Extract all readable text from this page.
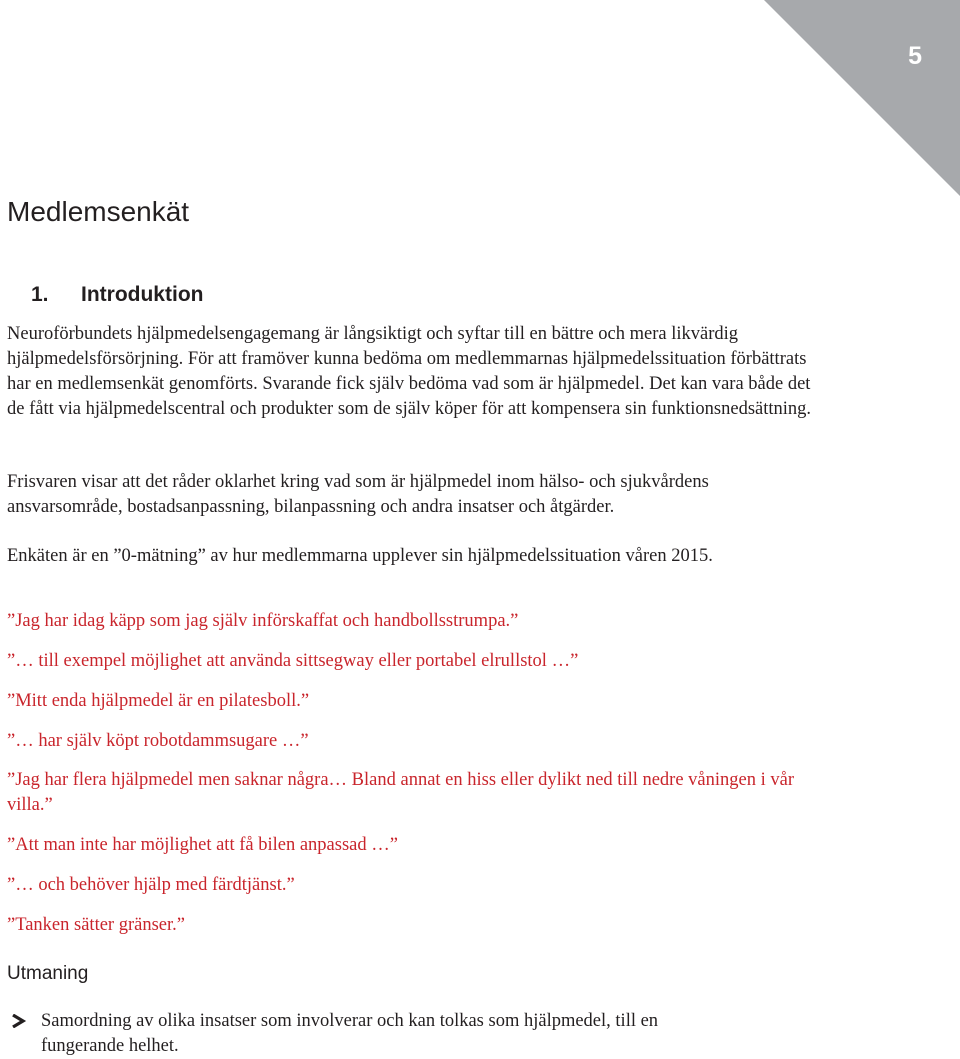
5
Medlemsenkät
1. Introduktion

Neuroförbundets hjälpmedelsengagemang är långsiktigt och syftar till en bättre och mera likvärdig hjälpmedelsförsörjning. För att framöver kunna bedöma om medlemmarnas hjälpmedelssituation förbättrats har en medlemsenkät genomförts. Svarande fick själv bedöma vad som är hjälpmedel. Det kan vara både det de fått via hjälpmedelscentral och produkter som de själv köper för att kompensera sin funktionsnedsättning.

Frisvaren visar att det råder oklarhet kring vad som är hjälpmedel inom hälso- och sjukvårdens ansvarsområde, bostadsanpassning, bilanpassning och andra insatser och åtgärder.

Enkäten är en ”0-mätning” av hur medlemmarna upplever sin hjälpmedelssituation våren 2015.

”Jag har idag käpp som jag själv införskaffat och handbollsstrumpa.”

”… till exempel möjlighet att använda sittsegway eller portabel elrullstol …”

”Mitt enda hjälpmedel är en pilatesboll.”

”… har själv köpt robotdammsugare …”

”Jag har flera hjälpmedel men saknar några… Bland annat en hiss eller dylikt ned till nedre våningen i vår villa.”

”Att man inte har möjlighet att få bilen anpassad …”

”… och behöver hjälp med färdtjänst.”

”Tanken sätter gränser.”

Utmaning
Samordning av olika insatser som involverar och kan tolkas som hjälpmedel, till en fungerande helhet.
